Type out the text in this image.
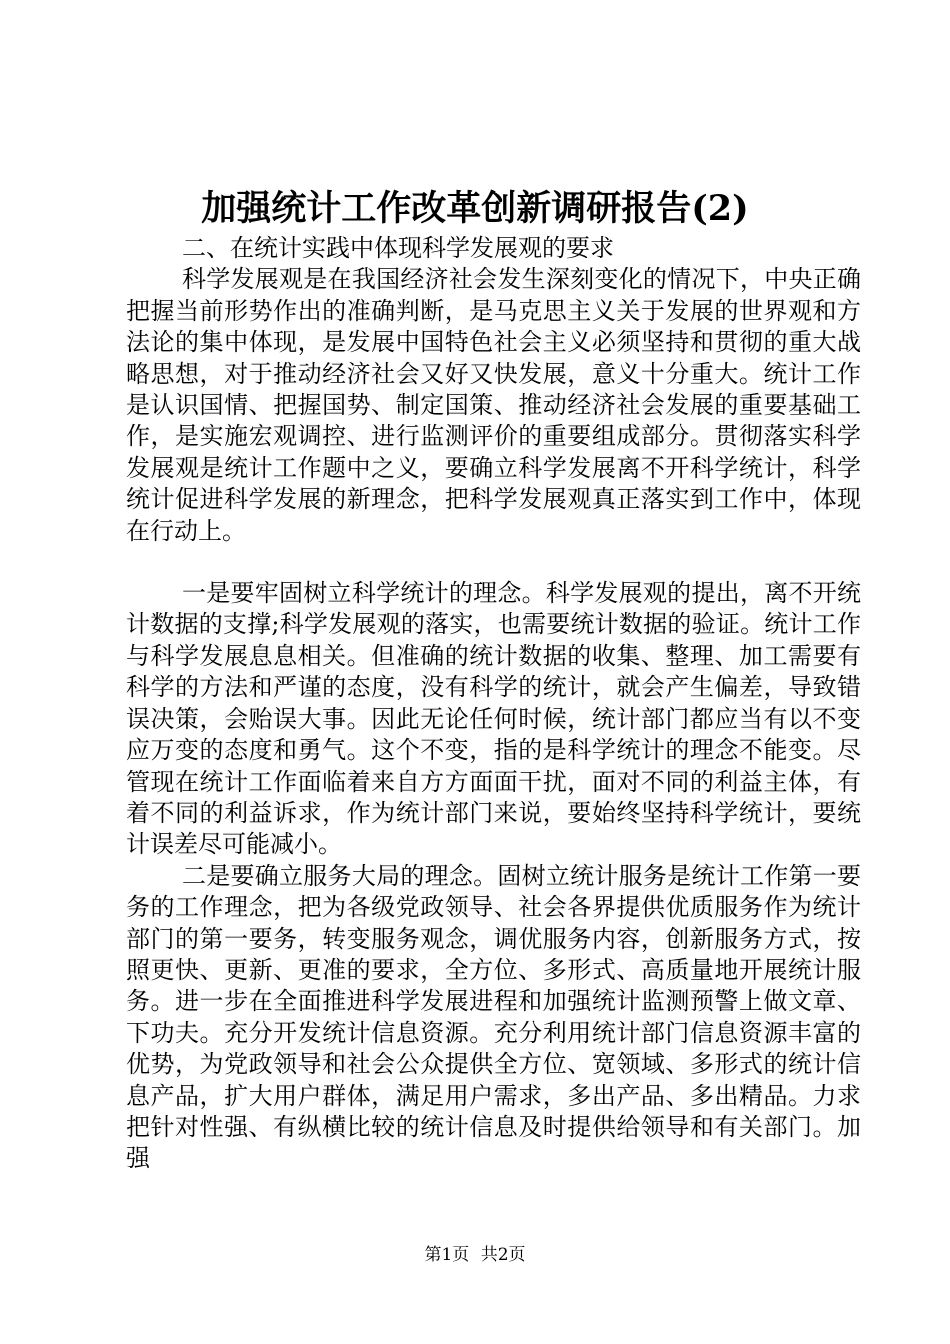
加强统计工作改革创新调研报告(2)

二、在统计实践中体现科学发展观的要求

科学发展观是在我国经济社会发生深刻变化的情况下，中央正确把握当前形势作出的准确判断，是马克思主义关于发展的世界观和方法论的集中体现，是发展中国特色社会主义必须坚持和贯彻的重大战略思想，对于推动经济社会又好又快发展，意义十分重大。统计工作是认识国情、把握国势、制定国策、推动经济社会发展的重要基础工作，是实施宏观调控、进行监测评价的重要组成部分。贯彻落实科学发展观是统计工作题中之义，要确立科学发展离不开科学统计，科学统计促进科学发展的新理念，把科学发展观真正落实到工作中，体现在行动上。

一是要牢固树立科学统计的理念。科学发展观的提出，离不开统计数据的支撑;科学发展观的落实，也需要统计数据的验证。统计工作与科学发展息息相关。但准确的统计数据的收集、整理、加工需要有科学的方法和严谨的态度，没有科学的统计，就会产生偏差，导致错误决策，会贻误大事。因此无论任何时候，统计部门都应当有以不变应万变的态度和勇气。这个不变，指的是科学统计的理念不能变。尽管现在统计工作面临着来自方方面面干扰，面对不同的利益主体，有着不同的利益诉求，作为统计部门来说，要始终坚持科学统计，要统计误差尽可能减小。

二是要确立服务大局的理念。固树立统计服务是统计工作第一要务的工作理念，把为各级党政领导、社会各界提供优质服务作为统计部门的第一要务，转变服务观念，调优服务内容，创新服务方式，按照更快、更新、更准的要求，全方位、多形式、高质量地开展统计服务。进一步在全面推进科学发展进程和加强统计监测预警上做文章、下功夫。充分开发统计信息资源。充分利用统计部门信息资源丰富的优势，为党政领导和社会公众提供全方位、宽领域、多形式的统计信息产品，扩大用户群体，满足用户需求，多出产品、多出精品。力求把针对性强、有纵横比较的统计信息及时提供给领导和有关部门。加强

第1页 共2页
